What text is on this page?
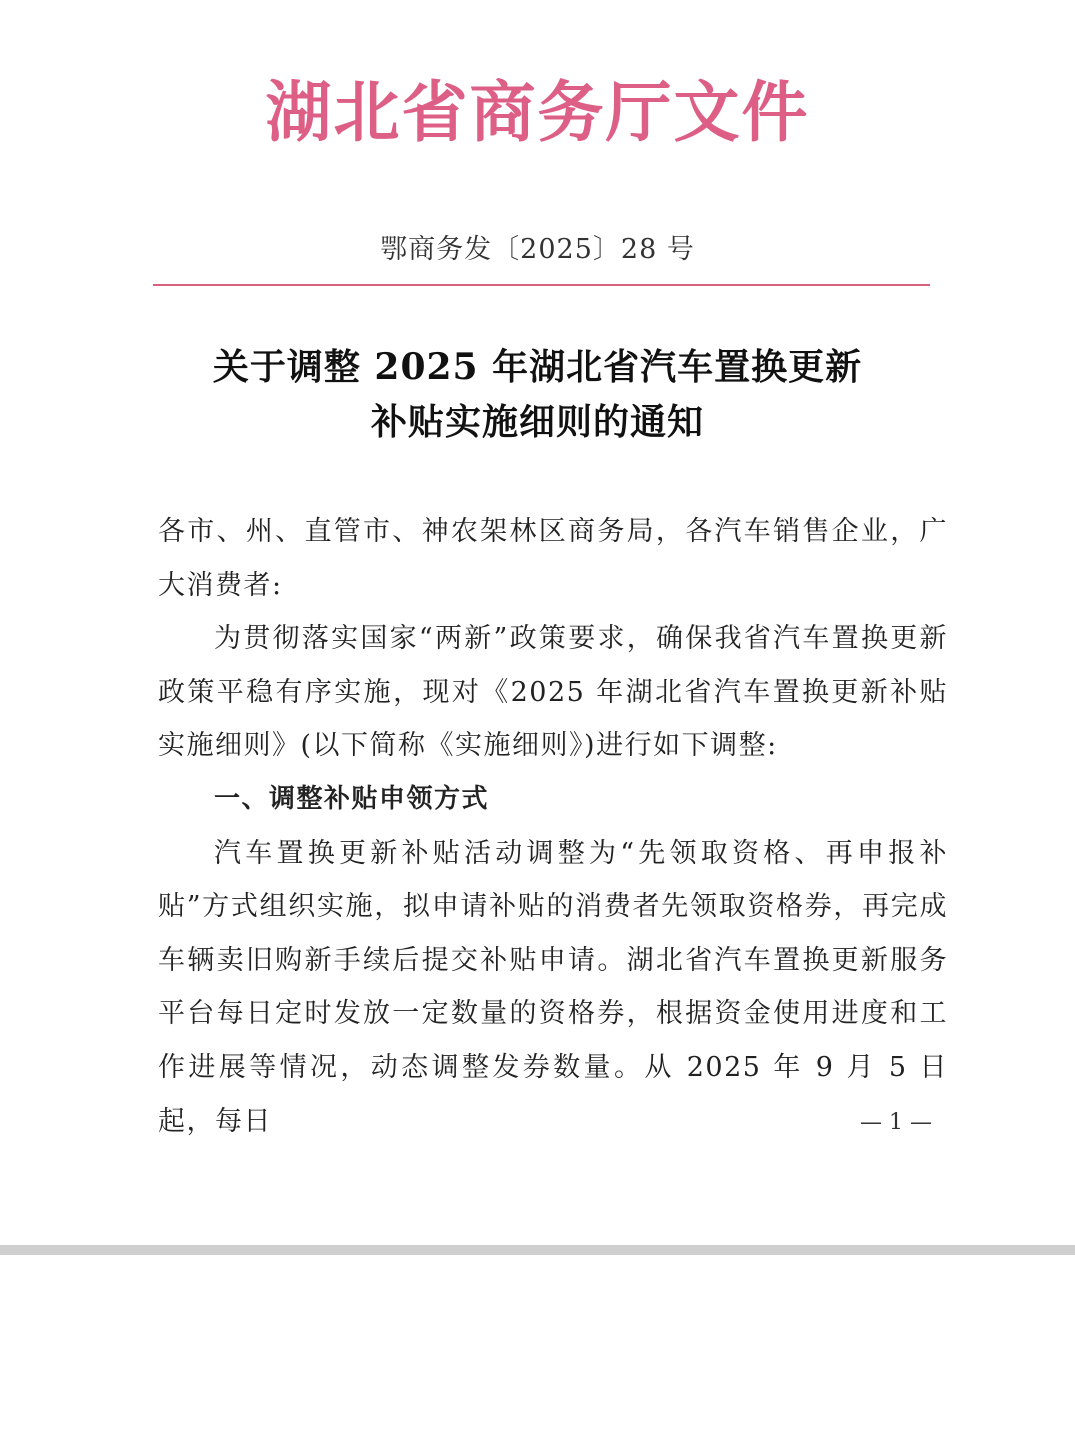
湖北省商务厅文件
鄂商务发〔2025〕28 号
关于调整 2025 年湖北省汽车置换更新
补贴实施细则的通知

各市、州、直管市、神农架林区商务局，各汽车销售企业，广大消费者:

为贯彻落实国家“两新”政策要求，确保我省汽车置换更新政策平稳有序实施，现对《2025 年湖北省汽车置换更新补贴实施细则》(以下简称《实施细则》)进行如下调整:

一、调整补贴申领方式

汽车置换更新补贴活动调整为“先领取资格、再申报补贴”方式组织实施，拟申请补贴的消费者先领取资格券，再完成车辆卖旧购新手续后提交补贴申请。湖北省汽车置换更新服务平台每日定时发放一定数量的资格券，根据资金使用进度和工作进展等情况，动态调整发券数量。从 2025 年 9 月 5 日起，每日	— 1 —
